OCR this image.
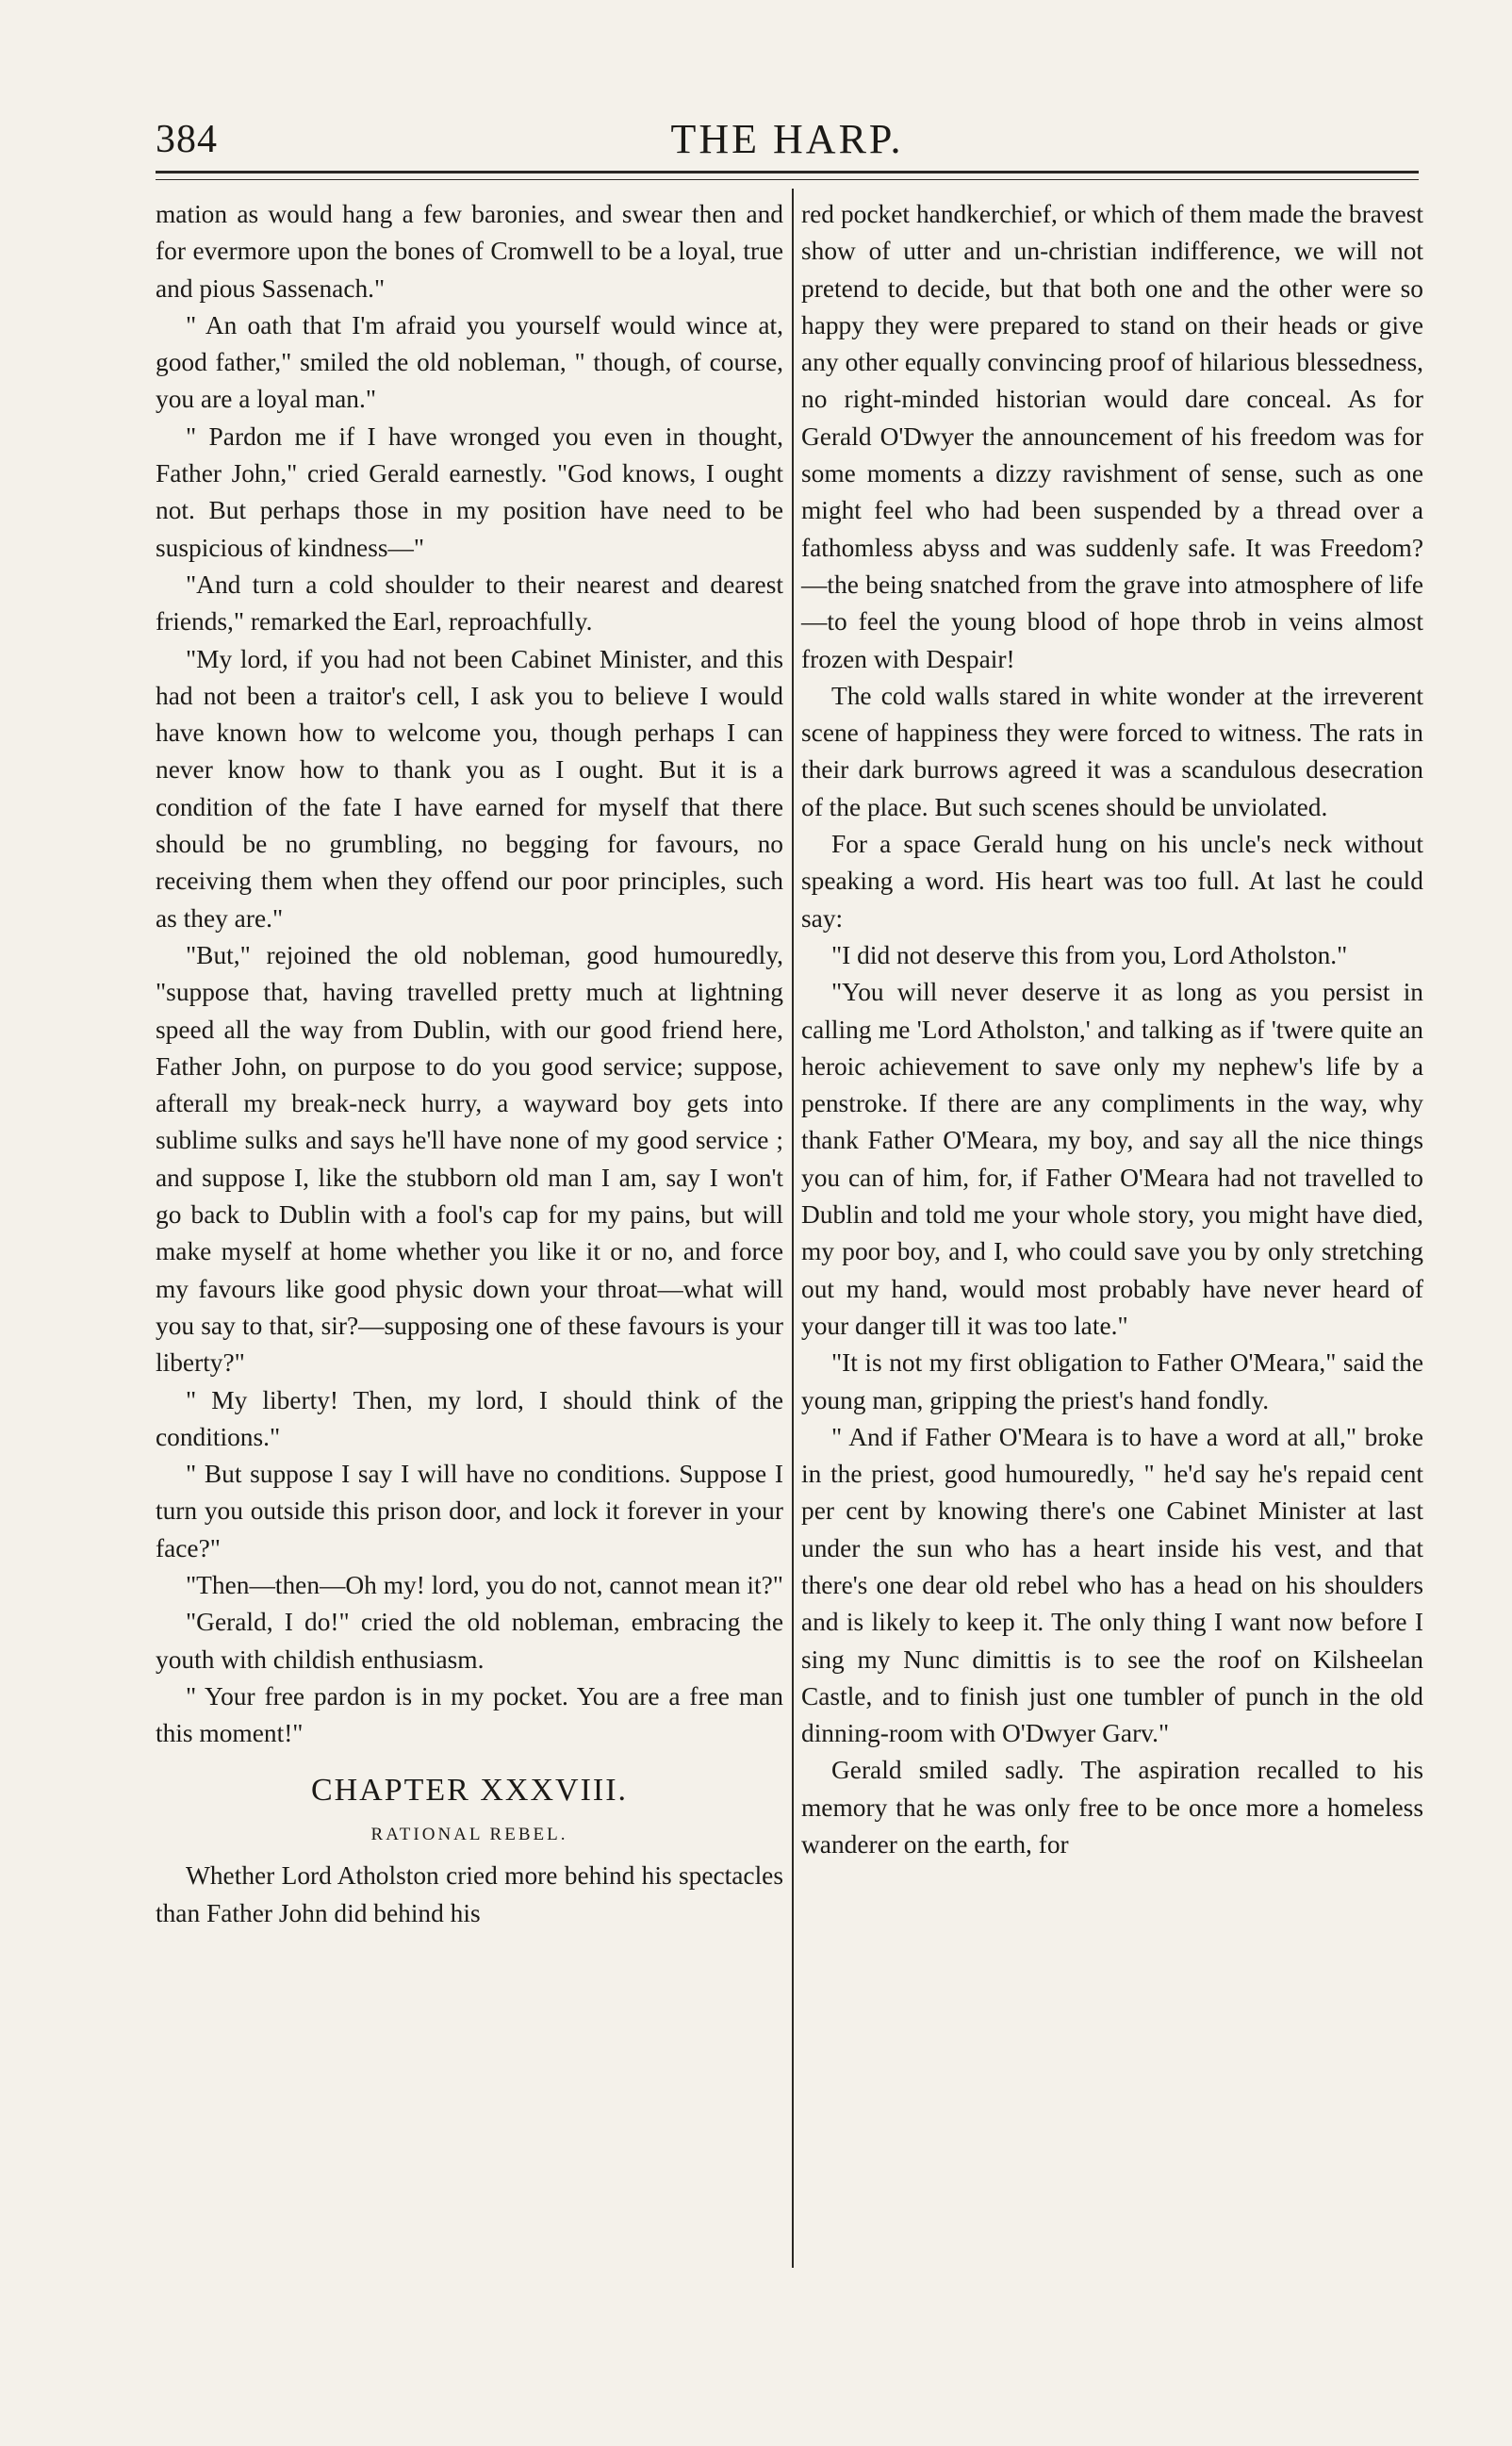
384	THE HARP.

mation as would hang a few baronies, and swear then and for evermore upon the bones of Cromwell to be a loyal, true and pious Sassenach."

" An oath that I'm afraid you yourself would wince at, good father," smiled the old nobleman, " though, of course, you are a loyal man."

" Pardon me if I have wronged you even in thought, Father John," cried Gerald earnestly. "God knows, I ought not. But perhaps those in my position have need to be suspicious of kindness—"

"And turn a cold shoulder to their nearest and dearest friends," remarked the Earl, reproachfully.

"My lord, if you had not been Cabinet Minister, and this had not been a traitor's cell, I ask you to believe I would have known how to welcome you, though perhaps I can never know how to thank you as I ought. But it is a condition of the fate I have earned for myself that there should be no grumbling, no begging for favours, no receiving them when they offend our poor principles, such as they are."

"But," rejoined the old nobleman, good humouredly, "suppose that, having travelled pretty much at lightning speed all the way from Dublin, with our good friend here, Father John, on purpose to do you good service; suppose, afterall my break-neck hurry, a wayward boy gets into sublime sulks and says he'll have none of my good service ; and suppose I, like the stubborn old man I am, say I won't go back to Dublin with a fool's cap for my pains, but will make myself at home whether you like it or no, and force my favours like good physic down your throat—what will you say to that, sir?—supposing one of these favours is your liberty?"

" My liberty! Then, my lord, I should think of the conditions."

" But suppose I say I will have no conditions. Suppose I turn you outside this prison door, and lock it forever in your face?"

"Then—then—Oh my! lord, you do not, cannot mean it?"

"Gerald, I do!" cried the old nobleman, embracing the youth with childish enthusiasm.

" Your free pardon is in my pocket. You are a free man this moment!"

CHAPTER XXXVIII.
RATIONAL REBEL.

Whether Lord Atholston cried more behind his spectacles than Father John did behind his

red pocket handkerchief, or which of them made the bravest show of utter and un-christian indifference, we will not pretend to decide, but that both one and the other were so happy they were prepared to stand on their heads or give any other equally convincing proof of hilarious blessedness, no right-minded historian would dare conceal. As for Gerald O'Dwyer the announcement of his freedom was for some moments a dizzy ravishment of sense, such as one might feel who had been suspended by a thread over a fathomless abyss and was suddenly safe. It was Freedom?—the being snatched from the grave into atmosphere of life —to feel the young blood of hope throb in veins almost frozen with Despair!

The cold walls stared in white wonder at the irreverent scene of happiness they were forced to witness. The rats in their dark burrows agreed it was a scandulous desecration of the place. But such scenes should be unviolated.

For a space Gerald hung on his uncle's neck without speaking a word. His heart was too full. At last he could say:

"I did not deserve this from you, Lord Atholston."

"You will never deserve it as long as you persist in calling me 'Lord Atholston,' and talking as if 'twere quite an heroic achievement to save only my nephew's life by a penstroke. If there are any compliments in the way, why thank Father O'Meara, my boy, and say all the nice things you can of him, for, if Father O'Meara had not travelled to Dublin and told me your whole story, you might have died, my poor boy, and I, who could save you by only stretching out my hand, would most probably have never heard of your danger till it was too late."

"It is not my first obligation to Father O'Meara," said the young man, gripping the priest's hand fondly.

" And if Father O'Meara is to have a word at all," broke in the priest, good humouredly, " he'd say he's repaid cent per cent by knowing there's one Cabinet Minister at last under the sun who has a heart inside his vest, and that there's one dear old rebel who has a head on his shoulders and is likely to keep it. The only thing I want now before I sing my Nunc dimittis is to see the roof on Kilsheelan Castle, and to finish just one tumbler of punch in the old dinning-room with O'Dwyer Garv."

Gerald smiled sadly. The aspiration recalled to his memory that he was only free to be once more a homeless wanderer on the earth, for
